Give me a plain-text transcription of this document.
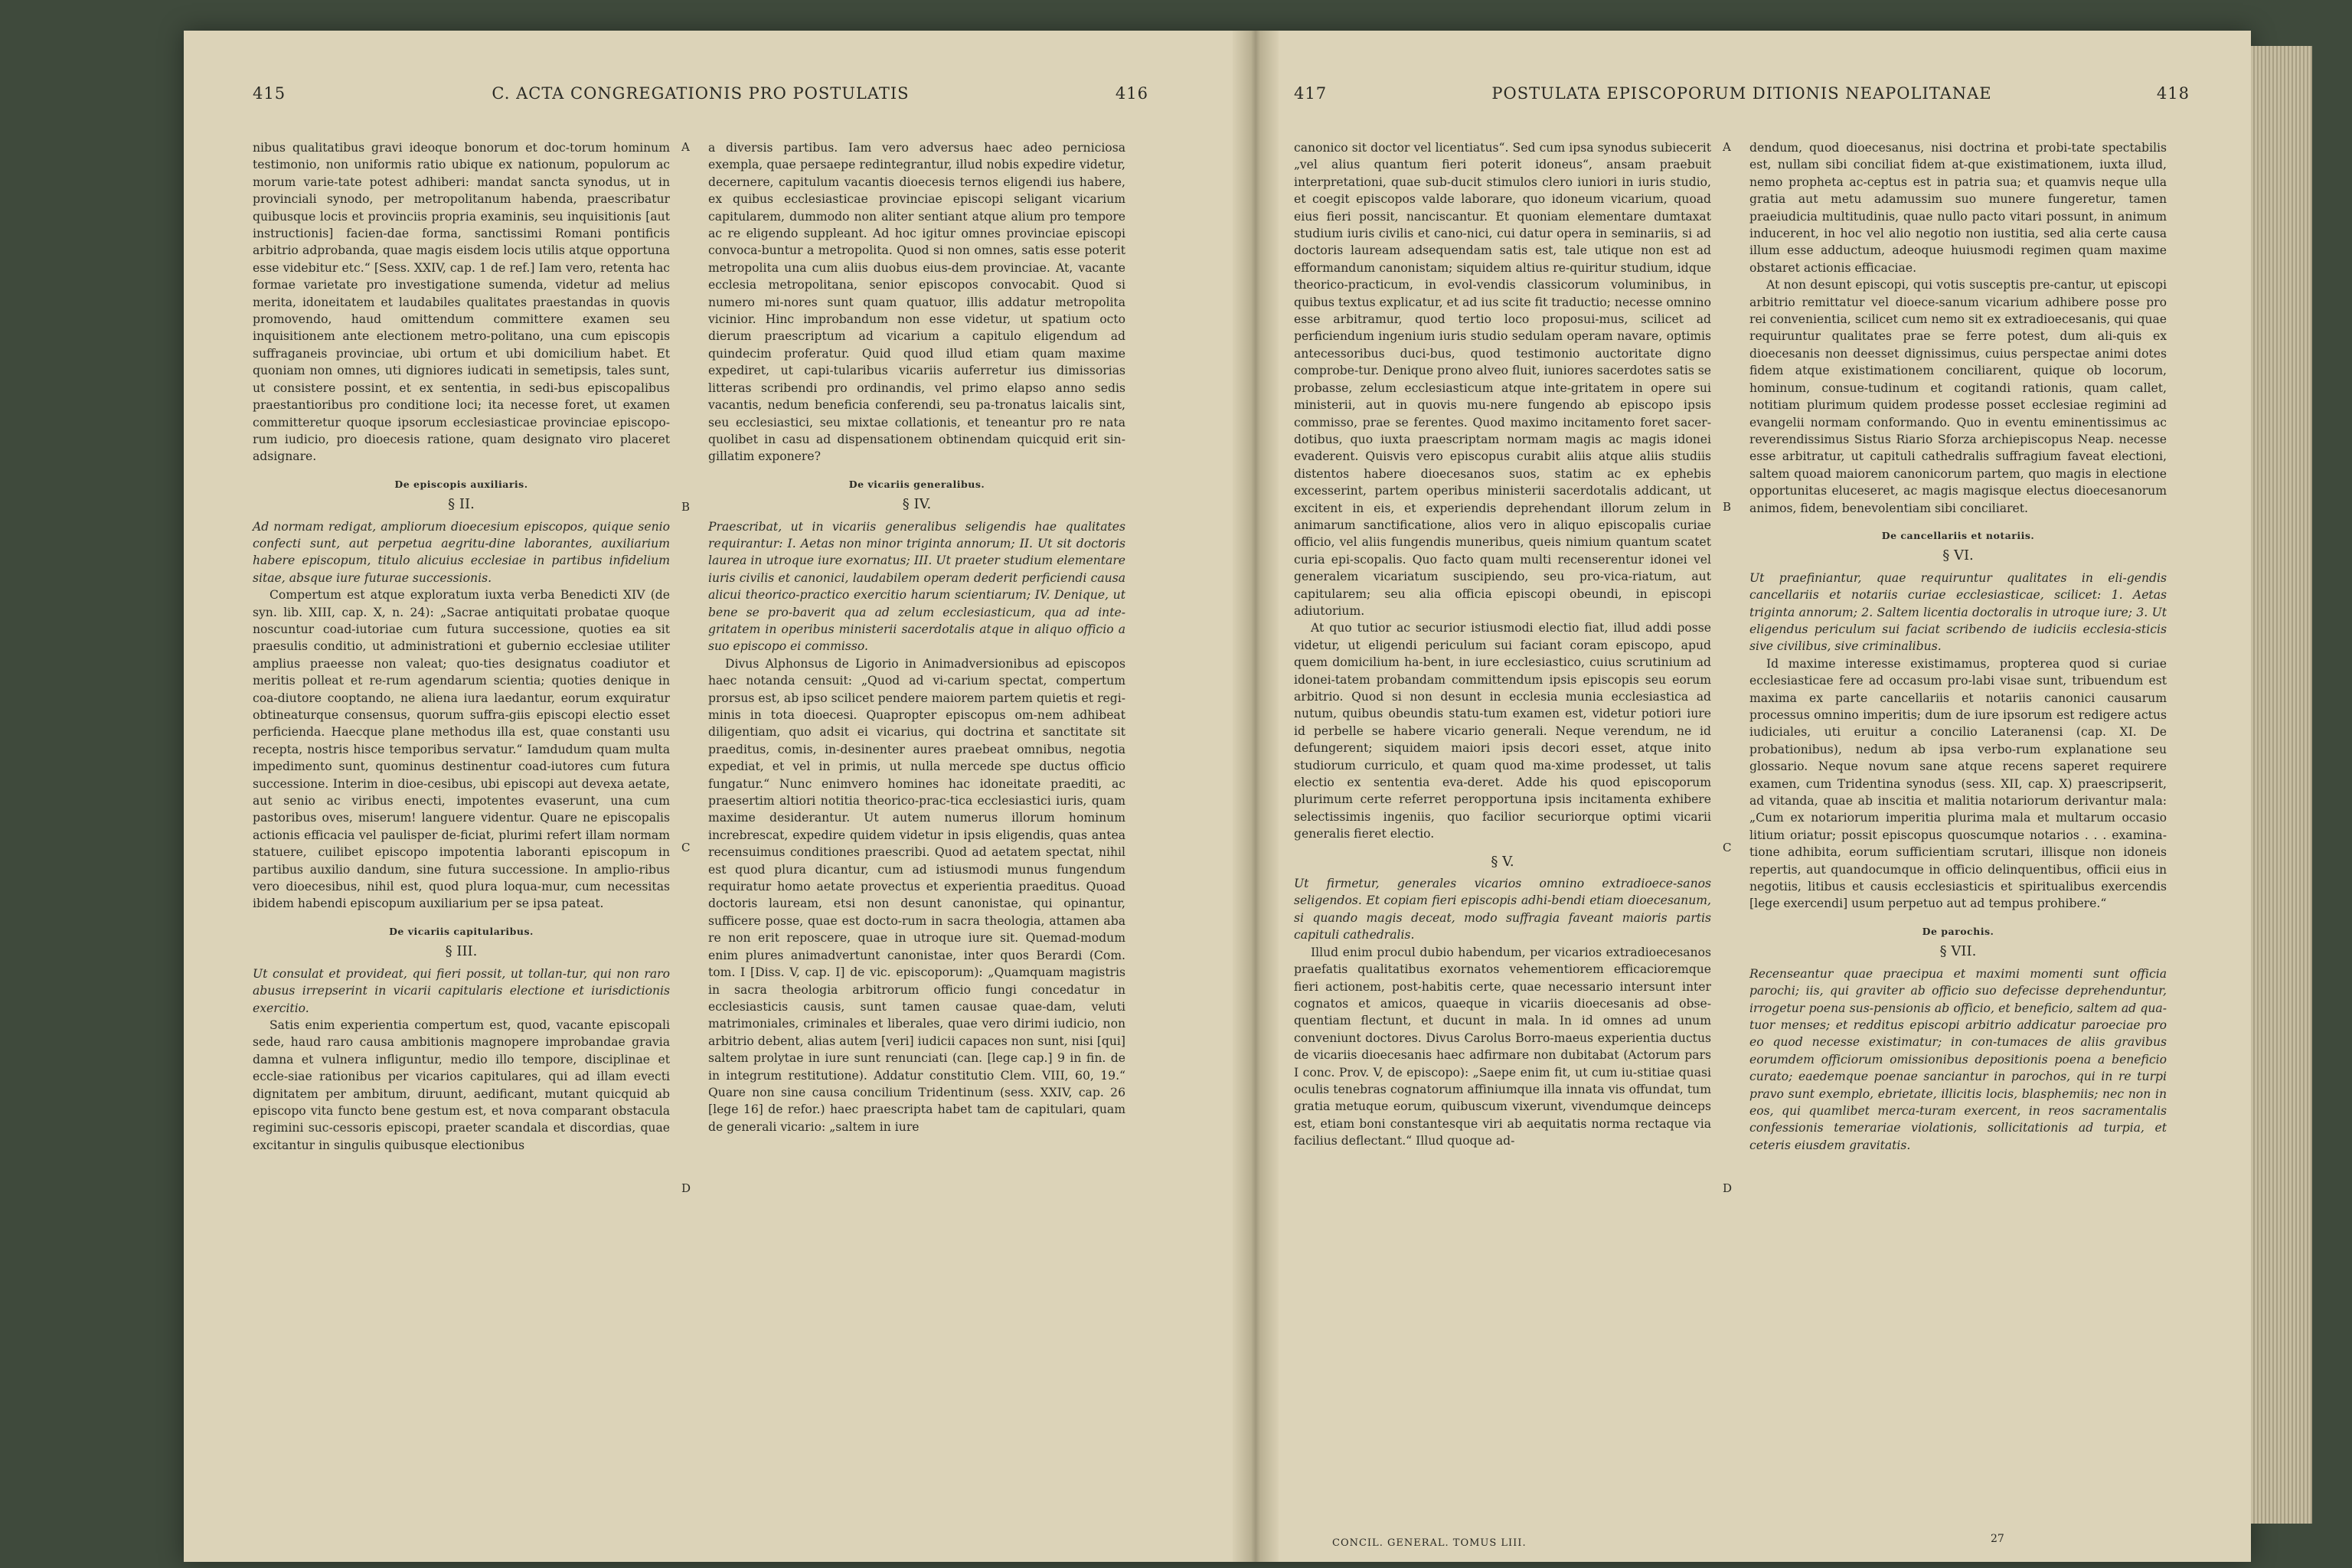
415	C. ACTA CONGREGATIONIS PRO POSTULATIS	416

nibus qualitatibus gravi ideoque bonorum et doc-torum hominum testimonio, non uniformis ratio ubique ex nationum, populorum ac morum varie-tate potest adhiberi: mandat sancta synodus, ut in provinciali synodo, per metropolitanum habenda, praescribatur quibusque locis et provinciis propria examinis, seu inquisitionis [aut instructionis] facien-dae forma, sanctissimi Romani pontificis arbitrio adprobanda, quae magis eisdem locis utilis atque opportuna esse videbitur etc.“ [Sess. XXIV, cap. 1 de ref.] Iam vero, retenta hac formae varietate pro investigatione sumenda, videtur ad melius merita, idoneitatem et laudabiles qualitates praestandas in quovis promovendo, haud omittendum committere examen seu inquisitionem ante electionem metro-politano, una cum episcopis suffraganeis provinciae, ubi ortum et ubi domicilium habet. Et quoniam non omnes, uti digniores iudicati in semetipsis, tales sunt, ut consistere possint, et ex sententia, in sedi-bus episcopalibus praestantioribus pro conditione loci; ita necesse foret, ut examen committeretur quoque ipsorum ecclesiasticae provinciae episcopo-rum iudicio, pro dioecesis ratione, quam designato viro placeret adsignare.

De episcopis auxiliaris.
§ II.

Ad normam redigat, ampliorum dioecesium episcopos, quique senio confecti sunt, aut perpetua aegritu-dine laborantes, auxiliarium habere episcopum, titulo alicuius ecclesiae in partibus infidelium sitae, absque iure futurae successionis.

Compertum est atque exploratum iuxta verba Benedicti XIV (de syn. lib. XIII, cap. X, n. 24): „Sacrae antiquitati probatae quoque noscuntur coad-iutoriae cum futura successione, quoties ea sit praesulis conditio, ut administrationi et gubernio ecclesiae utiliter amplius praeesse non valeat; quo-ties designatus coadiutor et meritis polleat et re-rum agendarum scientia; quoties denique in coa-diutore cooptando, ne aliena iura laedantur, eorum exquiratur obtineaturque consensus, quorum suffra-giis episcopi electio esset perficienda. Haecque plane methodus illa est, quae constanti usu recepta, nostris hisce temporibus servatur.“ Iamdudum quam multa impedimento sunt, quominus destinentur coad-iutores cum futura successione. Interim in dioe-cesibus, ubi episcopi aut devexa aetate, aut senio ac viribus enecti, impotentes evaserunt, una cum pastoribus oves, miserum! languere videntur. Quare ne episcopalis actionis efficacia vel paulisper de-ficiat, plurimi refert illam normam statuere, cuilibet episcopo impotentia laboranti episcopum in partibus auxilio dandum, sine futura successione. In amplio-ribus vero dioecesibus, nihil est, quod plura loqua-mur, cum necessitas ibidem habendi episcopum auxiliarium per se ipsa pateat.

De vicariis capitularibus.
§ III.

Ut consulat et provideat, qui fieri possit, ut tollan-tur, qui non raro abusus irrepserint in vicarii capitularis electione et iurisdictionis exercitio.

Satis enim experientia compertum est, quod, vacante episcopali sede, haud raro causa ambitionis magnopere improbandae gravia damna et vulnera infliguntur, medio illo tempore, disciplinae et eccle-siae rationibus per vicarios capitulares, qui ad illam evecti dignitatem per ambitum, diruunt, aedificant, mutant quicquid ab episcopo vita functo bene gestum est, et nova comparant obstacula regimini suc-cessoris episcopi, praeter scandala et discordias, quae excitantur in singulis quibusque electionibus

A
B
C
D

a diversis partibus. Iam vero adversus haec adeo perniciosa exempla, quae persaepe redintegrantur, illud nobis expedire videtur, decernere, capitulum vacantis dioecesis ternos eligendi ius habere, ex quibus ecclesiasticae provinciae episcopi seligant vicarium capitularem, dummodo non aliter sentiant atque alium pro tempore ac re eligendo suppleant. Ad hoc igitur omnes provinciae episcopi convoca-buntur a metropolita. Quod si non omnes, satis esse poterit metropolita una cum aliis duobus eius-dem provinciae. At, vacante ecclesia metropolitana, senior episcopos convocabit. Quod si numero mi-nores sunt quam quatuor, illis addatur metropolita vicinior. Hinc improbandum non esse videtur, ut spatium octo dierum praescriptum ad vicarium a capitulo eligendum ad quindecim proferatur. Quid quod illud etiam quam maxime expediret, ut capi-tularibus vicariis auferretur ius dimissorias litteras scribendi pro ordinandis, vel primo elapso anno sedis vacantis, nedum beneficia conferendi, seu pa-tronatus laicalis sint, seu ecclesiastici, seu mixtae collationis, et teneantur pro re nata quolibet in casu ad dispensationem obtinendam quicquid erit sin-gillatim exponere?

De vicariis generalibus.
§ IV.

Praescribat, ut in vicariis generalibus seligendis hae qualitates requirantur: I. Aetas non minor triginta annorum; II. Ut sit doctoris laurea in utroque iure exornatus; III. Ut praeter studium elementare iuris civilis et canonici, laudabilem operam dederit perficiendi causa alicui theorico-practico exercitio harum scientiarum; IV. Denique, ut bene se pro-baverit qua ad zelum ecclesiasticum, qua ad inte-gritatem in operibus ministerii sacerdotalis atque in aliquo officio a suo episcopo ei commisso.

Divus Alphonsus de Ligorio in Animadversionibus ad episcopos haec notanda censuit: „Quod ad vi-carium spectat, compertum prorsus est, ab ipso scilicet pendere maiorem partem quietis et regi-minis in tota dioecesi. Quapropter episcopus om-nem adhibeat diligentiam, quo adsit ei vicarius, qui doctrina et sanctitate sit praeditus, comis, in-desinenter aures praebeat omnibus, negotia expediat, et vel in primis, ut nulla mercede spe ductus officio fungatur.“ Nunc enimvero homines hac idoneitate praediti, ac praesertim altiori notitia theorico-prac-tica ecclesiastici iuris, quam maxime desiderantur. Ut autem numerus illorum hominum increbrescat, expedire quidem videtur in ipsis eligendis, quas antea recensuimus conditiones praescribi. Quod ad aetatem spectat, nihil est quod plura dicantur, cum ad istiusmodi munus fungendum requiratur homo aetate provectus et experientia praeditus. Quoad doctoris lauream, etsi non desunt canonistae, qui opinantur, sufficere posse, quae est docto-rum in sacra theologia, attamen aba re non erit reposcere, quae in utroque iure sit. Quemad-modum enim plures animadvertunt canonistae, inter quos Berardi (Com. tom. I [Diss. V, cap. I] de vic. episcoporum): „Quamquam magistris in sacra theologia arbitrorum officio fungi concedatur in ecclesiasticis causis, sunt tamen causae quae-dam, veluti matrimoniales, criminales et liberales, quae vero dirimi iudicio, non arbitrio debent, alias autem [veri] iudicii capaces non sunt, nisi [qui] saltem prolytae in iure sunt renunciati (can. [lege cap.] 9 in fin. de in integrum restitutione). Addatur constitutio Clem. VIII, 60, 19.“ Quare non sine causa concilium Tridentinum (sess. XXIV, cap. 26 [lege 16] de refor.) haec praescripta habet tam de capitulari, quam de generali vicario: „saltem in iure

417	POSTULATA EPISCOPORUM DITIONIS NEAPOLITANAE	418

canonico sit doctor vel licentiatus“. Sed cum ipsa synodus subiecerit „vel alius quantum fieri poterit idoneus“, ansam praebuit interpretationi, quae sub-ducit stimulos clero iuniori in iuris studio, et coegit episcopos valde laborare, quo idoneum vicarium, quoad eius fieri possit, nanciscantur. Et quoniam elementare dumtaxat studium iuris civilis et cano-nici, cui datur opera in seminariis, si ad doctoris lauream adsequendam satis est, tale utique non est ad efformandum canonistam; siquidem altius re-quiritur studium, idque theorico-practicum, in evol-vendis classicorum voluminibus, in quibus textus explicatur, et ad ius scite fit traductio; necesse omnino esse arbitramur, quod tertio loco proposui-mus, scilicet ad perficiendum ingenium iuris studio sedulam operam navare, optimis antecessoribus duci-bus, quod testimonio auctoritate digno comprobe-tur. Denique prono alveo fluit, iuniores sacerdotes satis se probasse, zelum ecclesiasticum atque inte-gritatem in opere sui ministerii, aut in quovis mu-nere fungendo ab episcopo ipsis commisso, prae se ferentes. Quod maximo incitamento foret sacer-dotibus, quo iuxta praescriptam normam magis ac magis idonei evaderent. Quisvis vero episcopus curabit aliis atque aliis studiis distentos habere dioecesanos suos, statim ac ex ephebis excesserint, partem operibus ministerii sacerdotalis addicant, ut excitent in eis, et experiendis deprehendant illorum zelum in animarum sanctificatione, alios vero in aliquo episcopalis curiae officio, vel aliis fungendis muneribus, queis nimium quantum scatet curia epi-scopalis. Quo facto quam multi recenserentur idonei vel generalem vicariatum suscipiendo, seu pro-vica-riatum, aut capitularem; seu alia officia episcopi obeundi, in episcopi adiutorium.

At quo tutior ac securior istiusmodi electio fiat, illud addi posse videtur, ut eligendi periculum sui faciant coram episcopo, apud quem domicilium ha-bent, in iure ecclesiastico, cuius scrutinium ad idonei-tatem probandam committendum ipsis episcopis seu eorum arbitrio. Quod si non desunt in ecclesia munia ecclesiastica ad nutum, quibus obeundis statu-tum examen est, videtur potiori iure id perbelle se habere vicario generali. Neque verendum, ne id defungerent; siquidem maiori ipsis decori esset, atque inito studiorum curriculo, et quam quod ma-xime prodesset, ut talis electio ex sententia eva-deret. Adde his quod episcoporum plurimum certe referret peropportuna ipsis incitamenta exhibere selectissimis ingeniis, quo facilior securiorque optimi vicarii generalis fieret electio.

§ V.

Ut firmetur, generales vicarios omnino extradioece-sanos seligendos. Et copiam fieri episcopis adhi-bendi etiam dioecesanum, si quando magis deceat, modo suffragia faveant maioris partis capituli cathedralis.

Illud enim procul dubio habendum, per vicarios extradioecesanos praefatis qualitatibus exornatos vehementiorem efficacioremque fieri actionem, post-habitis certe, quae necessario intersunt inter cognatos et amicos, quaeque in vicariis dioecesanis ad obse-quentiam flectunt, et ducunt in mala. In id omnes ad unum conveniunt doctores. Divus Carolus Borro-maeus experientia ductus de vicariis dioecesanis haec adfirmare non dubitabat (Actorum pars I conc. Prov. V, de episcopo): „Saepe enim fit, ut cum iu-stitiae quasi oculis tenebras cognatorum affiniumque illa innata vis offundat, tum gratia metuque eorum, quibuscum vixerunt, vivendumque deinceps est, etiam boni constantesque viri ab aequitatis norma rectaque via facilius deflectant.“ Illud quoque ad-

A
B
C
D

dendum, quod dioecesanus, nisi doctrina et probi-tate spectabilis est, nullam sibi conciliat fidem at-que existimationem, iuxta illud, nemo propheta ac-ceptus est in patria sua; et quamvis neque ulla gratia aut metu adamussim suo munere fungeretur, tamen praeiudicia multitudinis, quae nullo pacto vitari possunt, in animum inducerent, in hoc vel alio negotio non iustitia, sed alia certe causa illum esse adductum, adeoque huiusmodi regimen quam maxime obstaret actionis efficaciae.

At non desunt episcopi, qui votis susceptis pre-cantur, ut episcopi arbitrio remittatur vel dioece-sanum vicarium adhibere posse pro rei convenientia, scilicet cum nemo sit ex extradioecesanis, qui quae requiruntur qualitates prae se ferre potest, dum ali-quis ex dioecesanis non deesset dignissimus, cuius perspectae animi dotes fidem atque existimationem conciliarent, quique ob locorum, hominum, consue-tudinum et cogitandi rationis, quam callet, notitiam plurimum quidem prodesse posset ecclesiae regimini ad evangelii normam conformando. Quo in eventu eminentissimus ac reverendissimus Sistus Riario Sforza archiepiscopus Neap. necesse esse arbitratur, ut capituli cathedralis suffragium faveat electioni, saltem quoad maiorem canonicorum partem, quo magis in electione opportunitas eluceseret, ac magis magisque electus dioecesanorum animos, fidem, benevolentiam sibi conciliaret.

De cancellariis et notariis.
§ VI.

Ut praefiniantur, quae requiruntur qualitates in eli-gendis cancellariis et notariis curiae ecclesiasticae, scilicet: 1. Aetas triginta annorum; 2. Saltem licentia doctoralis in utroque iure; 3. Ut eligendus periculum sui faciat scribendo de iudiciis ecclesia-sticis sive civilibus, sive criminalibus.

Id maxime interesse existimamus, propterea quod si curiae ecclesiasticae fere ad occasum pro-labi visae sunt, tribuendum est maxima ex parte cancellariis et notariis canonici causarum processus omnino imperitis; dum de iure ipsorum est redigere actus iudiciales, uti eruitur a concilio Lateranensi (cap. XI. De probationibus), nedum ab ipsa verbo-rum explanatione seu glossario. Neque novum sane atque recens saperet requirere examen, cum Tridentina synodus (sess. XII, cap. X) praescripserit, ad vitanda, quae ab inscitia et malitia notariorum derivantur mala: „Cum ex notariorum imperitia plurima mala et multarum occasio litium oriatur; possit episcopus quoscumque notarios . . . examina-tione adhibita, eorum sufficientiam scrutari, illisque non idoneis repertis, aut quandocumque in officio delinquentibus, officii eius in negotiis, litibus et causis ecclesiasticis et spiritualibus exercendis [lege exercendi] usum perpetuo aut ad tempus prohibere.“

De parochis.
§ VII.

Recenseantur quae praecipua et maximi momenti sunt officia parochi; iis, qui graviter ab officio suo defecisse deprehenduntur, irrogetur poena sus-pensionis ab officio, et beneficio, saltem ad qua-tuor menses; et redditus episcopi arbitrio addicatur paroeciae pro eo quod necesse existimatur; in con-tumaces de aliis gravibus eorumdem officiorum omissionibus depositionis poena a beneficio curato; eaedemque poenae sanciantur in parochos, qui in re turpi pravo sunt exemplo, ebrietate, illicitis locis, blasphemiis; nec non in eos, qui quamlibet merca-turam exercent, in reos sacramentalis confessionis temerariae violationis, sollicitationis ad turpia, et ceteris eiusdem gravitatis.

CONCIL. GENERAL. TOMUS LIII.	27
